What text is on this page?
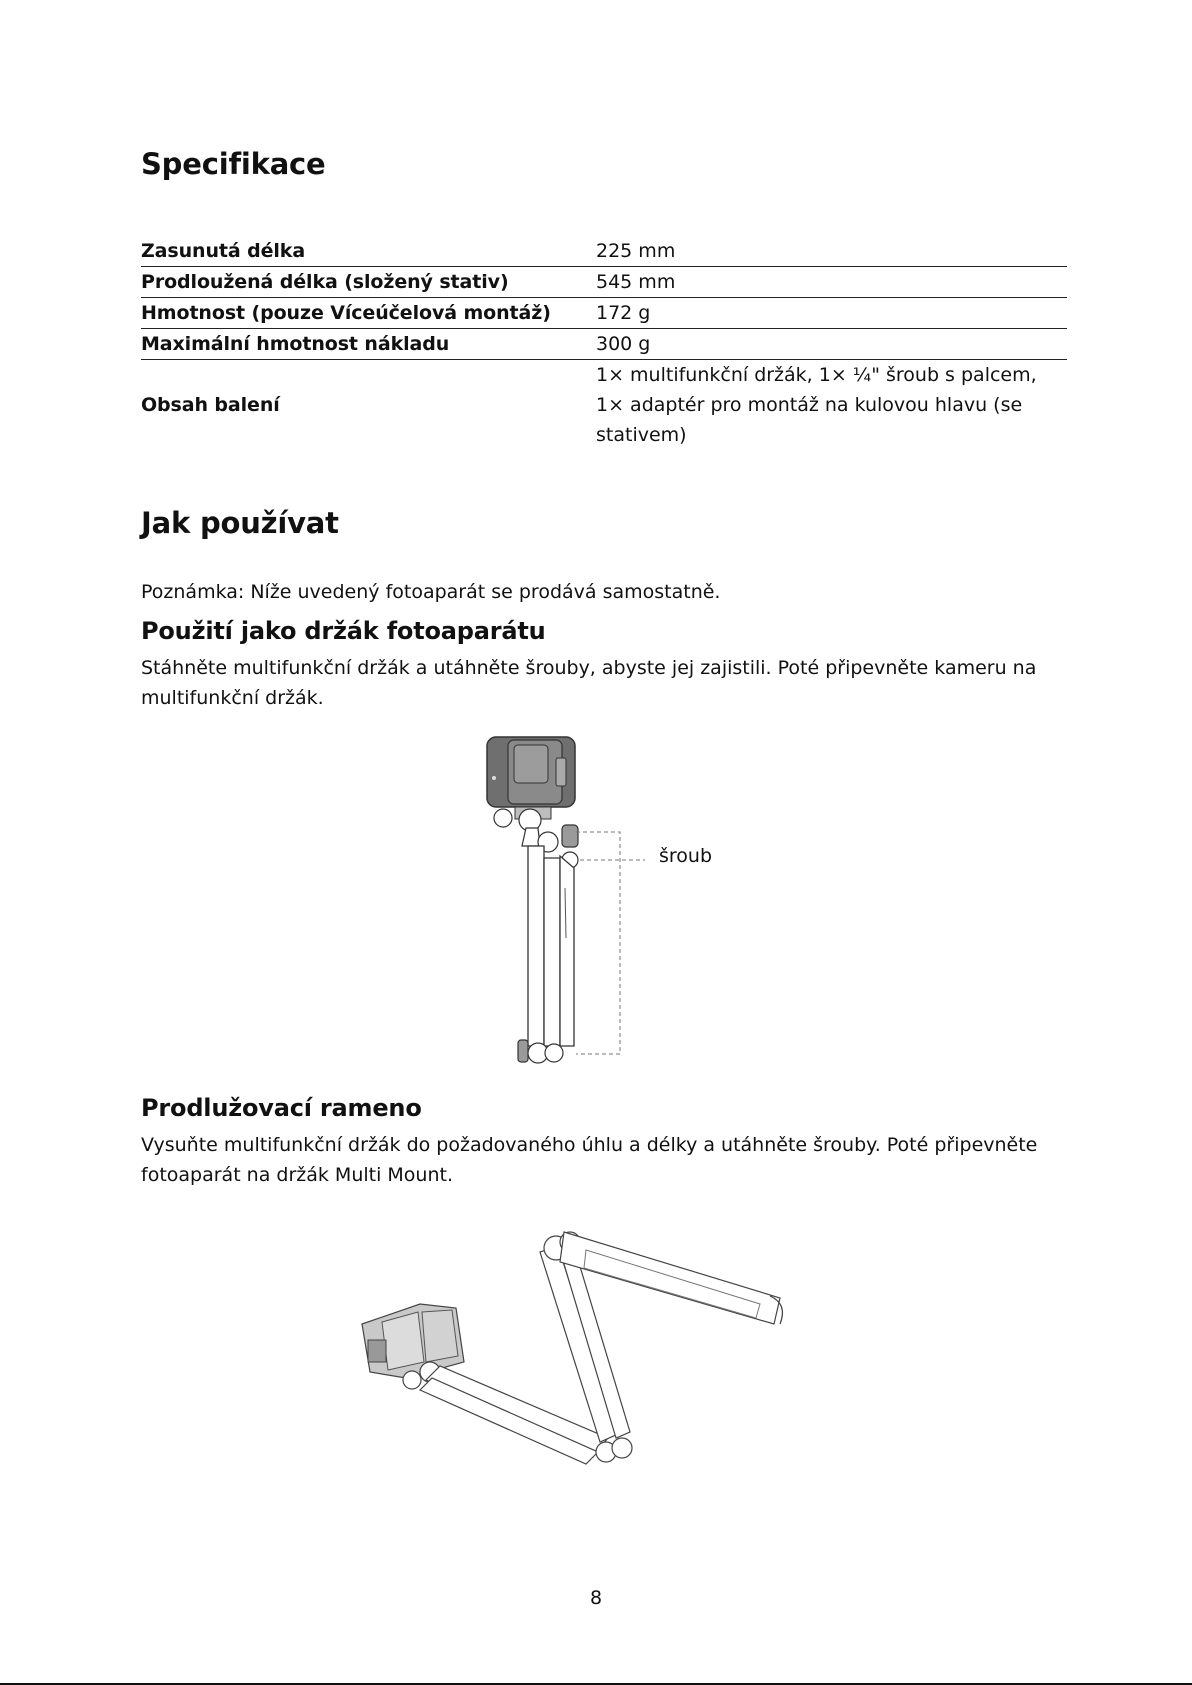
Specifikace
Zasunutá délka	225 mm
Prodloužená délka (složený stativ)	545 mm
Hmotnost (pouze Víceúčelová montáž)	172 g
Maximální hmotnost nákladu	300 g
Obsah balení	1× multifunkční držák, 1× ¼" šroub s palcem, 1× adaptér pro montáž na kulovou hlavu (se stativem)
Jak používat

Poznámka: Níže uvedený fotoaparát se prodává samostatně.

Použití jako držák fotoaparátu

Stáhněte multifunkční držák a utáhněte šrouby, abyste jej zajistili. Poté připevněte kameru na multifunkční držák.

šroub
Prodlužovací rameno

Vysuňte multifunkční držák do požadovaného úhlu a délky a utáhněte šrouby. Poté připevněte fotoaparát na držák Multi Mount.

8
